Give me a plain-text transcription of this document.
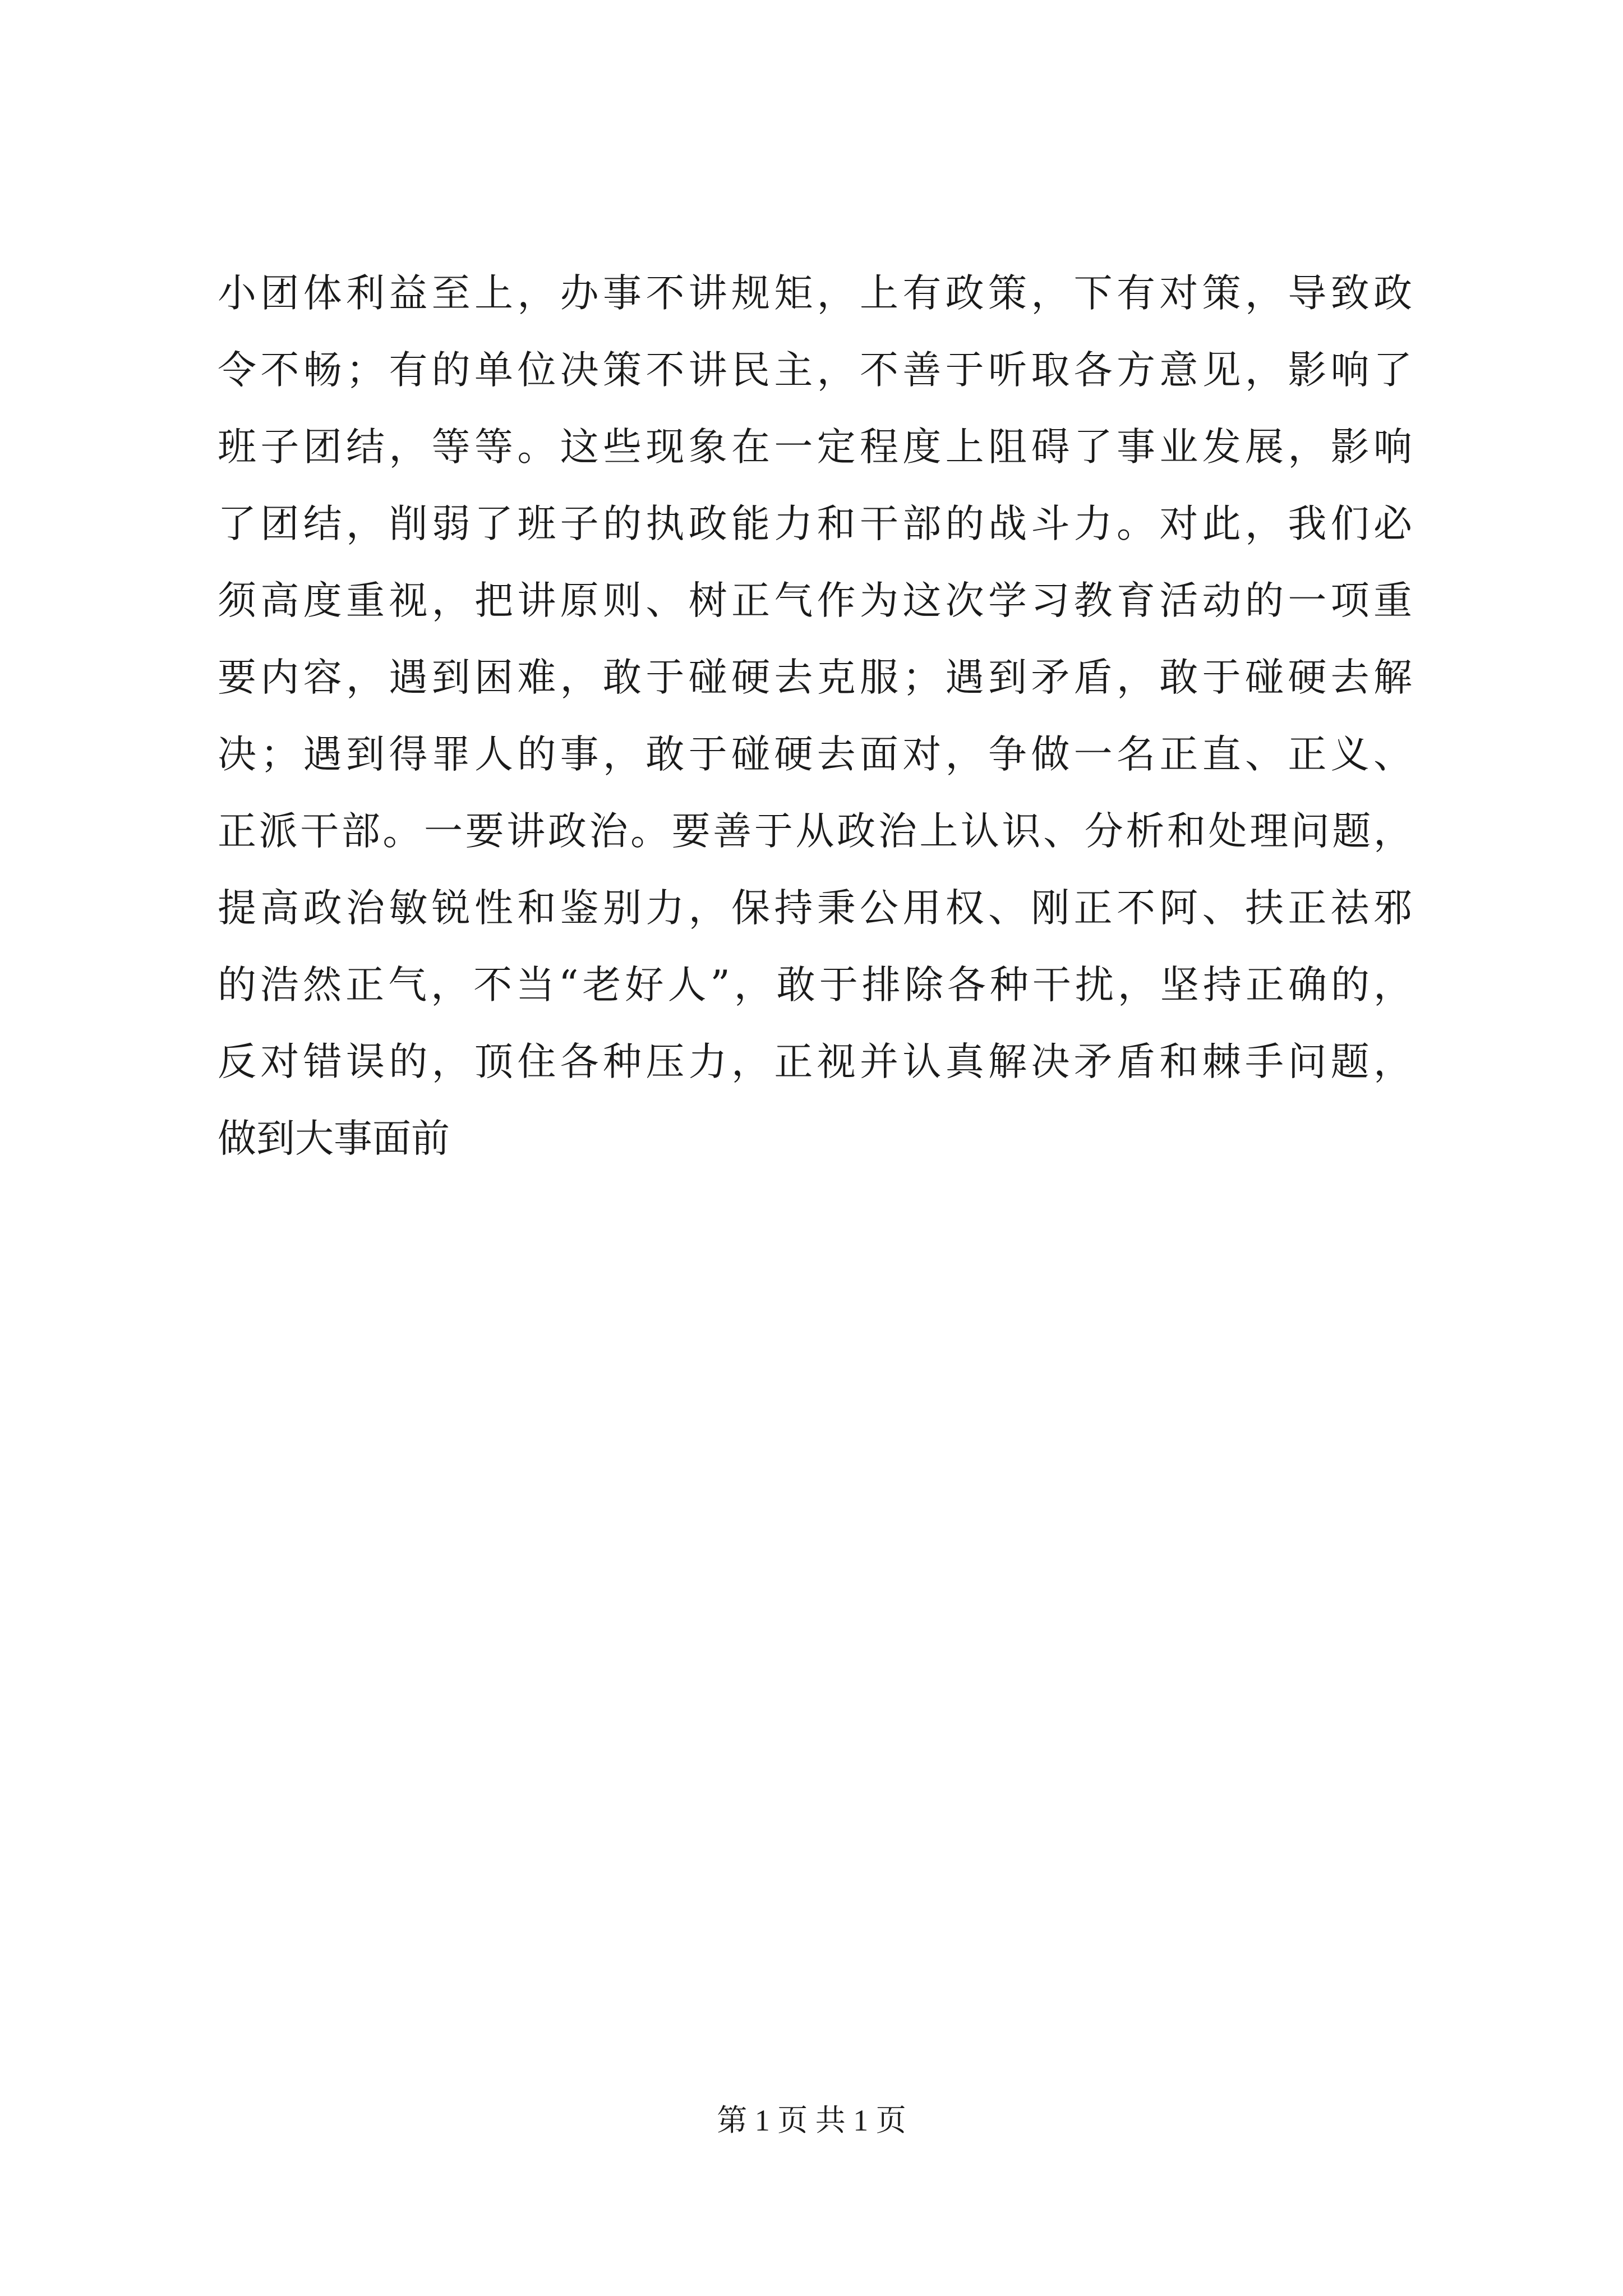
小团体利益至上，办事不讲规矩，上有政策，下有对策，导致政
令不畅；有的单位决策不讲民主，不善于听取各方意见，影响了
班子团结，等等。这些现象在一定程度上阻碍了事业发展，影响
了团结，削弱了班子的执政能力和干部的战斗力。对此，我们必
须高度重视，把讲原则、树正气作为这次学习教育活动的一项重
要内容，遇到困难，敢于碰硬去克服；遇到矛盾，敢于碰硬去解
决；遇到得罪人的事，敢于碰硬去面对，争做一名正直、正义、
正派干部。一要讲政治。要善于从政治上认识、分析和处理问题，
提高政治敏锐性和鉴别力，保持秉公用权、刚正不阿、扶正祛邪
的浩然正气，不当“老好人”，敢于排除各种干扰，坚持正确的，
反对错误的，顶住各种压力，正视并认真解决矛盾和棘手问题，
做到大事面前
第 1 页 共 1 页
